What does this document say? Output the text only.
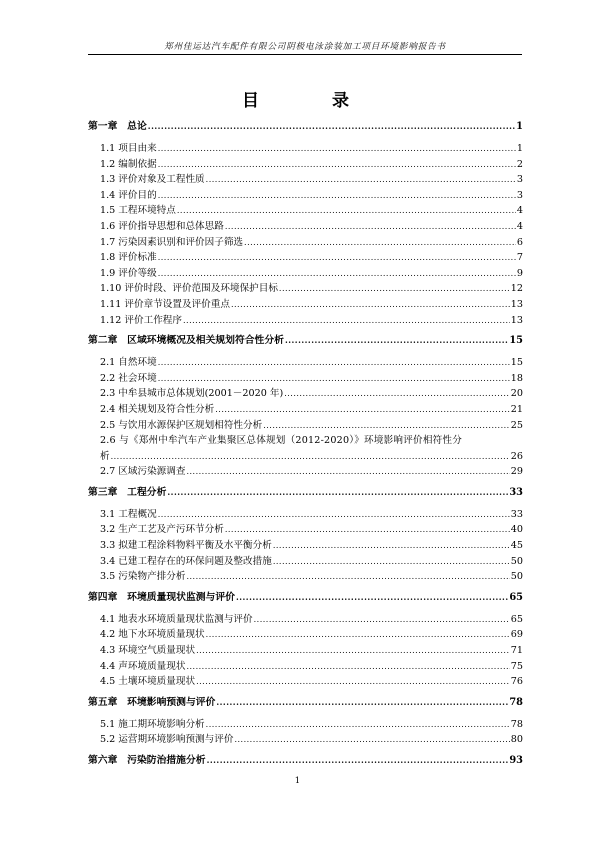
郑州佳运达汽车配件有限公司阴极电泳涂装加工项目环境影响报告书
目　录
第一章　总论 .....	1
1.1 项目由来 .....	1
1.2 编制依据 .....	2
1.3 评价对象及工程性质 .....	3
1.4 评价目的 .....	3
1.5 工程环境特点 .....	4
1.6 评价指导思想和总体思路 .....	4
1.7 污染因素识别和评价因子筛选 .....	6
1.8 评价标准 .....	7
1.9 评价等级 .....	9
1.10 评价时段、评价范围及环境保护目标 .....	12
1.11 评价章节设置及评价重点 .....	13
1.12 评价工作程序 .....	13
第二章　区域环境概况及相关规划符合性分析 .....	15
2.1 自然环境 .....	15
2.2 社会环境 .....	18
2.3 中牟县城市总体规划(2001－2020 年) .....	20
2.4 相关规划及符合性分析 .....	21
2.5 与饮用水源保护区规划相符性分析 .....	25
2.6 与《郑州中牟汽车产业集聚区总体规划（2012-2020）》环境影响评价相符性分
析 .....	26
2.7 区域污染源调查 .....	29
第三章　工程分析 .....	33
3.1 工程概况 .....	33
3.2 生产工艺及产污环节分析 .....	40
3.3 拟建工程涂料物料平衡及水平衡分析 .....	45
3.4 已建工程存在的环保问题及整改措施 .....	50
3.5 污染物产排分析 .....	50
第四章　环境质量现状监测与评价 .....	65
4.1 地表水环境质量现状监测与评价 .....	65
4.2 地下水环境质量现状 .....	69
4.3 环境空气质量现状 .....	71
4.4 声环境质量现状 .....	75
4.5 土壤环境质量现状 .....	76
第五章　环境影响预测与评价 .....	78
5.1 施工期环境影响分析 .....	78
5.2 运营期环境影响预测与评价 .....	80
第六章　污染防治措施分析 .....	93
1
